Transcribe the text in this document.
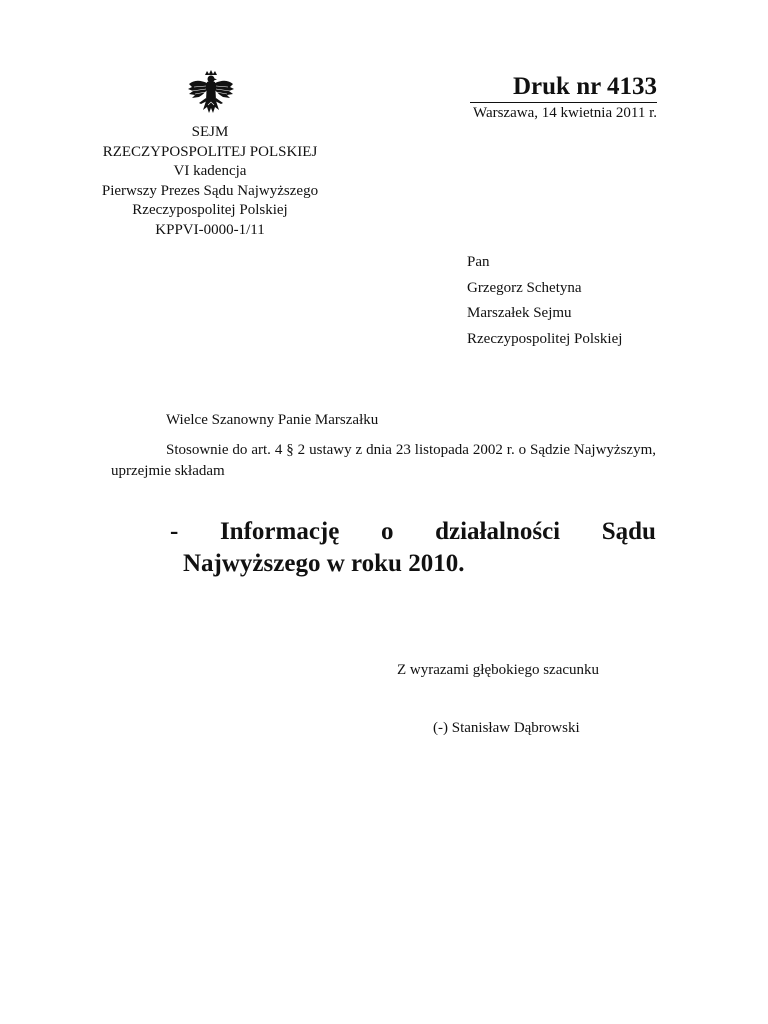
SEJM
RZECZYPOSPOLITEJ POLSKIEJ
VI kadencja
Pierwszy Prezes Sądu Najwyższego
Rzeczypospolitej Polskiej
KPPVI-0000-1/11
Druk nr 4133
Warszawa, 14 kwietnia 2011 r.
Pan
Grzegorz Schetyna
Marszałek Sejmu
Rzeczypospolitej Polskiej
Wielce Szanowny Panie Marszałku
Stosownie do art. 4 § 2 ustawy z dnia 23 listopada 2002 r. o Sądzie Najwyższym, uprzejmie składam
- Informację o działalności Sądu
Najwyższego w roku 2010.
Z wyrazami głębokiego szacunku
(-) Stanisław Dąbrowski
